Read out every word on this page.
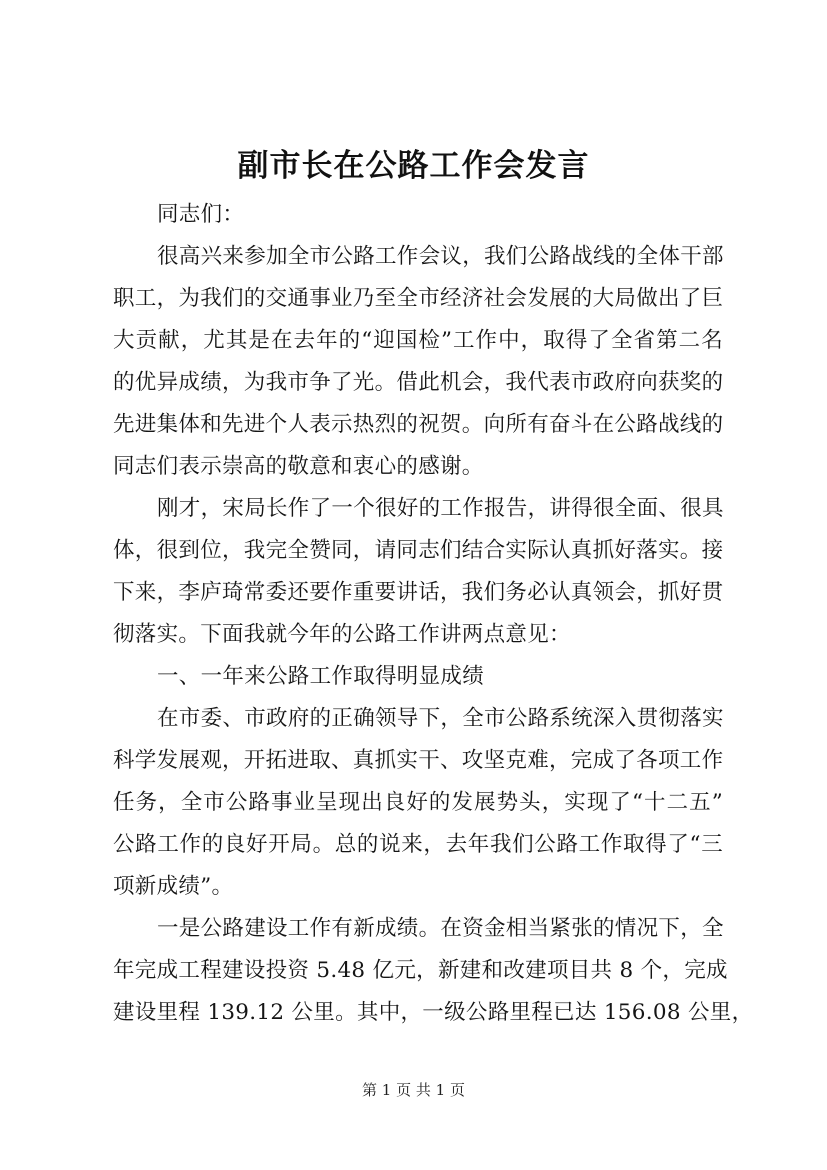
副市长在公路工作会发言
同志们：
很高兴来参加全市公路工作会议，我们公路战线的全体干部
职工，为我们的交通事业乃至全市经济社会发展的大局做出了巨
大贡献，尤其是在去年的“迎国检”工作中，取得了全省第二名
的优异成绩，为我市争了光。借此机会，我代表市政府向获奖的
先进集体和先进个人表示热烈的祝贺。向所有奋斗在公路战线的
同志们表示崇高的敬意和衷心的感谢。
刚才，宋局长作了一个很好的工作报告，讲得很全面、很具
体，很到位，我完全赞同，请同志们结合实际认真抓好落实。接
下来，李庐琦常委还要作重要讲话，我们务必认真领会，抓好贯
彻落实。下面我就今年的公路工作讲两点意见：
一、一年来公路工作取得明显成绩
在市委、市政府的正确领导下，全市公路系统深入贯彻落实
科学发展观，开拓进取、真抓实干、攻坚克难，完成了各项工作
任务，全市公路事业呈现出良好的发展势头，实现了“十二五”
公路工作的良好开局。总的说来，去年我们公路工作取得了“三
项新成绩”。
一是公路建设工作有新成绩。在资金相当紧张的情况下，全
年完成工程建设投资 5.48 亿元，新建和改建项目共 8 个，完成
建设里程 139.12 公里。其中，一级公路里程已达 156.08 公里，
第 1 页 共 1 页
